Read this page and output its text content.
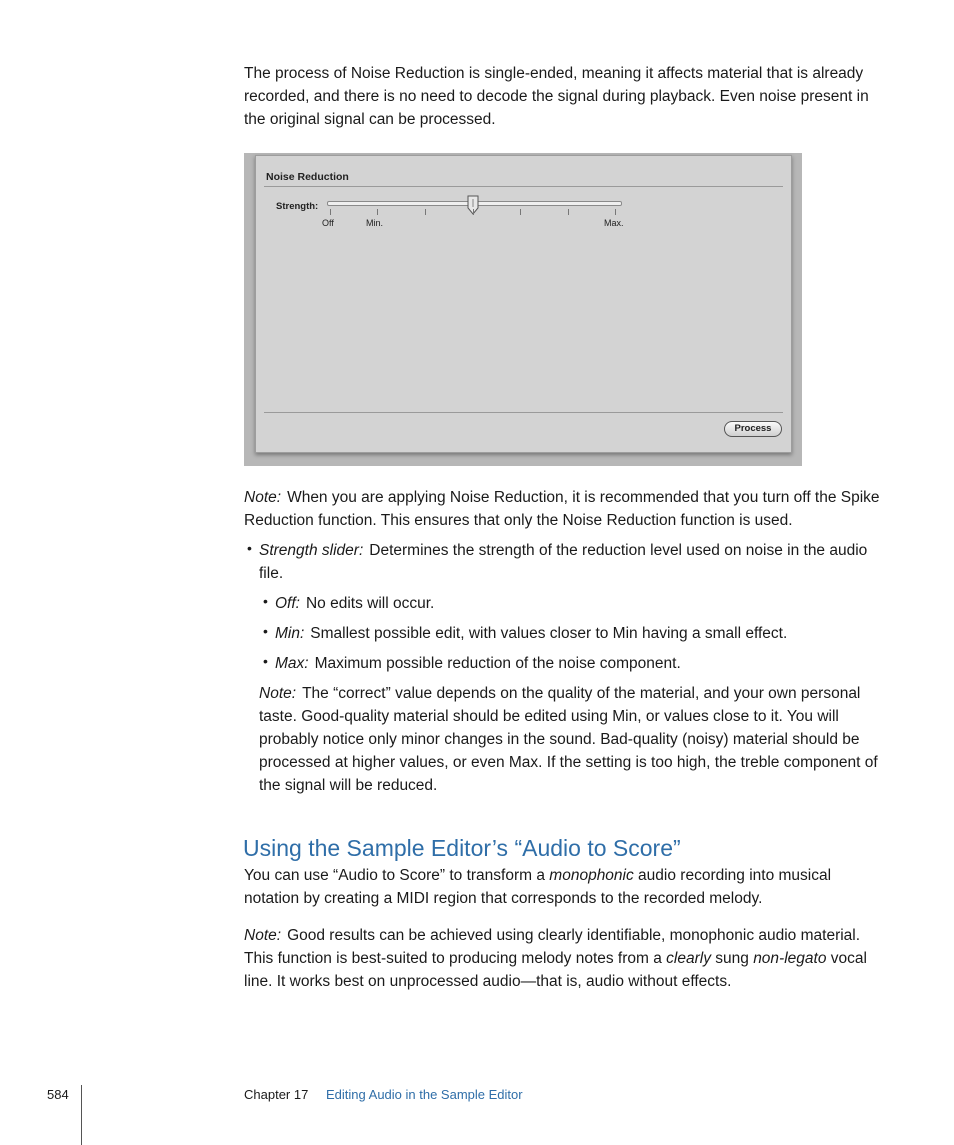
The process of Noise Reduction is single-ended, meaning it affects material that is already recorded, and there is no need to decode the signal during playback. Even noise present in the original signal can be processed.

Noise Reduction
Strength:
Off	Min.	Max.
Process

Note: When you are applying Noise Reduction, it is recommended that you turn off the Spike Reduction function. This ensures that only the Noise Reduction function is used.

• Strength slider: Determines the strength of the reduction level used on noise in the audio file.

• Off: No edits will occur.

• Min: Smallest possible edit, with values closer to Min having a small effect.

• Max: Maximum possible reduction of the noise component.

Note: The “correct” value depends on the quality of the material, and your own personal taste. Good-quality material should be edited using Min, or values close to it. You will probably notice only minor changes in the sound. Bad-quality (noisy) material should be processed at higher values, or even Max. If the setting is too high, the treble component of the signal will be reduced.

Using the Sample Editor’s “Audio to Score”

You can use “Audio to Score” to transform a monophonic audio recording into musical notation by creating a MIDI region that corresponds to the recorded melody.

Note: Good results can be achieved using clearly identifiable, monophonic audio material. This function is best-suited to producing melody notes from a clearly sung non-legato vocal line. It works best on unprocessed audio—that is, audio without effects.

584	Chapter 17 Editing Audio in the Sample Editor
